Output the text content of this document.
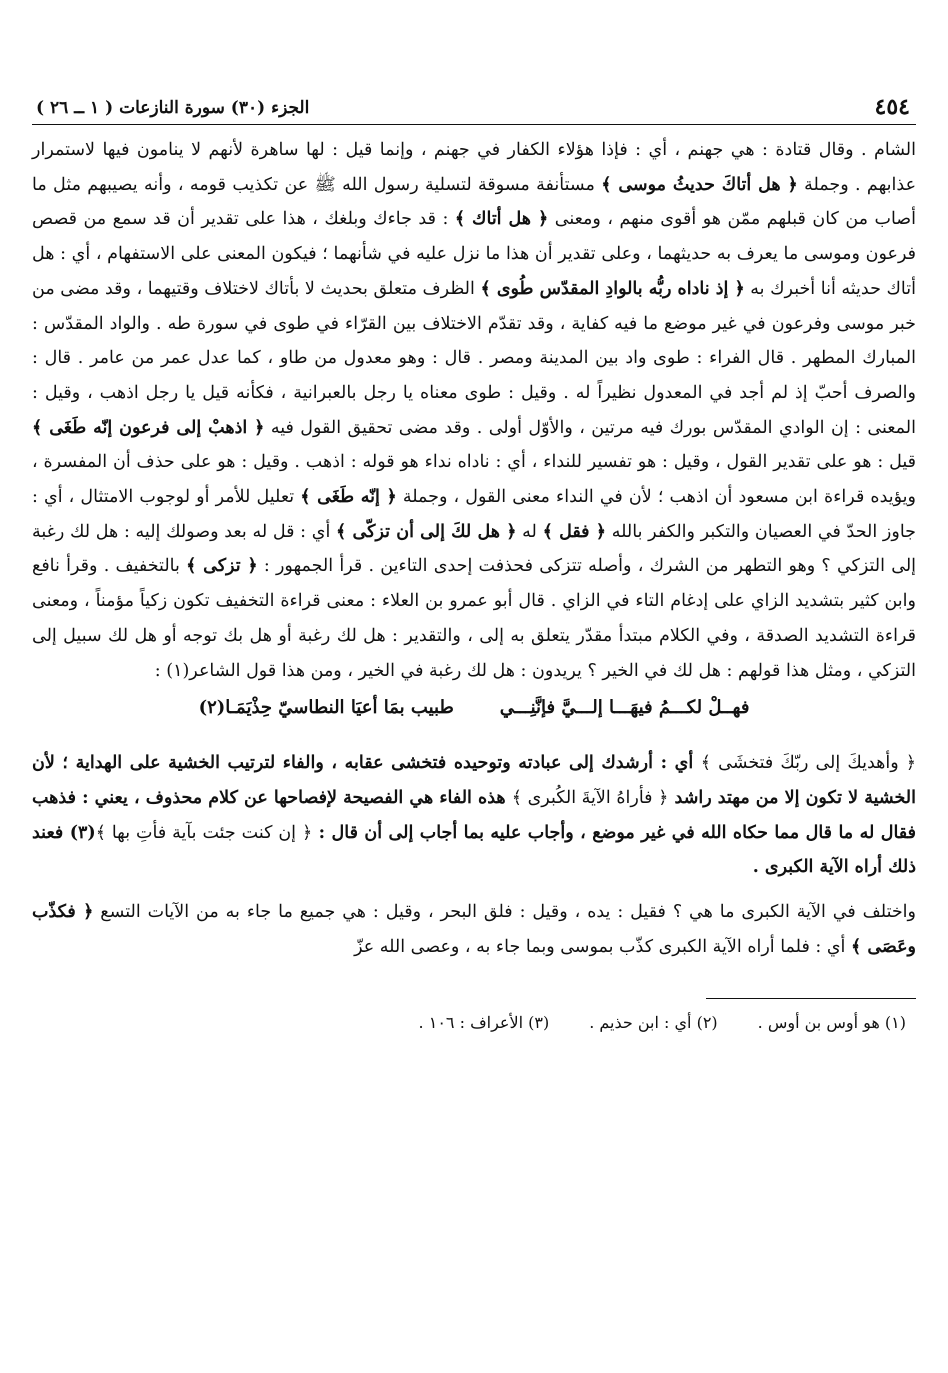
٤٥٤
الجزء (٣٠) سورة النازعات ( ١ ــ ٢٦ )

الشام . وقال قتادة : هي جهنم ، أي : فإذا هؤلاء الكفار في جهنم ، وإنما قيل : لها ساهرة لأنهم لا ينامون فيها لاستمرار عذابهم . وجملة ﴿ هل أتاكَ حديثُ موسى ﴾ مستأنفة مسوقة لتسلية رسول الله ﷺ عن تكذيب قومه ، وأنه يصيبهم مثل ما أصاب من كان قبلهم ممّن هو أقوى منهم ، ومعنى ﴿ هل أتاك ﴾ : قد جاءك وبلغك ، هذا على تقدير أن قد سمع من قصص فرعون وموسى ما يعرف به حديثهما ، وعلى تقدير أن هذا ما نزل عليه في شأنهما ؛ فيكون المعنى على الاستفهام ، أي : هل أتاك حديثه أنا أخبرك به ﴿ إذ ناداه ربُّه بالوادِ المقدّس طُوى ﴾ الظرف متعلق بحديث لا بأتاك لاختلاف وقتيهما ، وقد مضى من خبر موسى وفرعون في غير موضع ما فيه كفاية ، وقد تقدّم الاختلاف بين القرّاء في طوى في سورة طه . والواد المقدّس : المبارك المطهر . قال الفراء : طوى واد بين المدينة ومصر . قال : وهو معدول من طاو ، كما عدل عمر من عامر . قال : والصرف أحبّ إذ لم أجد في المعدول نظيراً له . وقيل : طوى معناه يا رجل بالعبرانية ، فكأنه قيل يا رجل اذهب ، وقيل : المعنى : إن الوادي المقدّس بورك فيه مرتين ، والأوّل أولى . وقد مضى تحقيق القول فيه ﴿ اذهبْ إلى فرعون إنّه طَغَى ﴾ قيل : هو على تقدير القول ، وقيل : هو تفسير للنداء ، أي : ناداه نداء هو قوله : اذهب . وقيل : هو على حذف أن المفسرة ، ويؤيده قراءة ابن مسعود أن اذهب ؛ لأن في النداء معنى القول ، وجملة ﴿ إنّه طَغَى ﴾ تعليل للأمر أو لوجوب الامتثال ، أي : جاوز الحدّ في العصيان والتكبر والكفر بالله ﴿ فقل ﴾ له ﴿ هل لكَ إلى أن تزكّى ﴾ أي : قل له بعد وصولك إليه : هل لك رغبة إلى التزكي ؟ وهو التطهر من الشرك ، وأصله تتزكى فحذفت إحدى التاءين . قرأ الجمهور : ﴿ تزكى ﴾ بالتخفيف . وقرأ نافع وابن كثير بتشديد الزاي على إدغام التاء في الزاي . قال أبو عمرو بن العلاء : معنى قراءة التخفيف تكون زكياً مؤمناً ، ومعنى قراءة التشديد الصدقة ، وفي الكلام مبتدأ مقدّر يتعلق به إلى ، والتقدير : هل لك رغبة أو هل بك توجه أو هل لك سبيل إلى التزكي ، ومثل هذا قولهم : هل لك في الخير ؟ يريدون : هل لك رغبة في الخير ، ومن هذا قول الشاعر(١) :

فهــلْ لكـــمُ فيهَـــا إلـــيَّ فإنَّنِـــي
طبيب بمَا أعيَا النطاسيّ حِذْيَمَـا(٢)

﴿ وأهديكَ إلى ربّكَ فتخشَى ﴾ أي : أرشدك إلى عبادته وتوحيده فتخشى عقابه ، والفاء لترتيب الخشية على الهداية ؛ لأن الخشية لا تكون إلا من مهتد راشد ﴿ فأراهُ الآيةَ الكُبرى ﴾ هذه الفاء هي الفصيحة لإفصاحها عن كلام محذوف ، يعني : فذهب فقال له ما قال مما حكاه الله في غير موضع ، وأجاب عليه بما أجاب إلى أن قال : ﴿ إن كنت جئت بآية فأتِ بها ﴾(٣) فعند ذلك أراه الآية الكبرى .

واختلف في الآية الكبرى ما هي ؟ فقيل : يده ، وقيل : فلق البحر ، وقيل : هي جميع ما جاء به من الآيات التسع ﴿ فكذّب وعَصَى ﴾ أي : فلما أراه الآية الكبرى كذّب بموسى وبما جاء به ، وعصى الله عزّ

(١) هو أوس بن أوس .
(٢) أي : ابن حذيم .
(٣) الأعراف : ١٠٦ .
